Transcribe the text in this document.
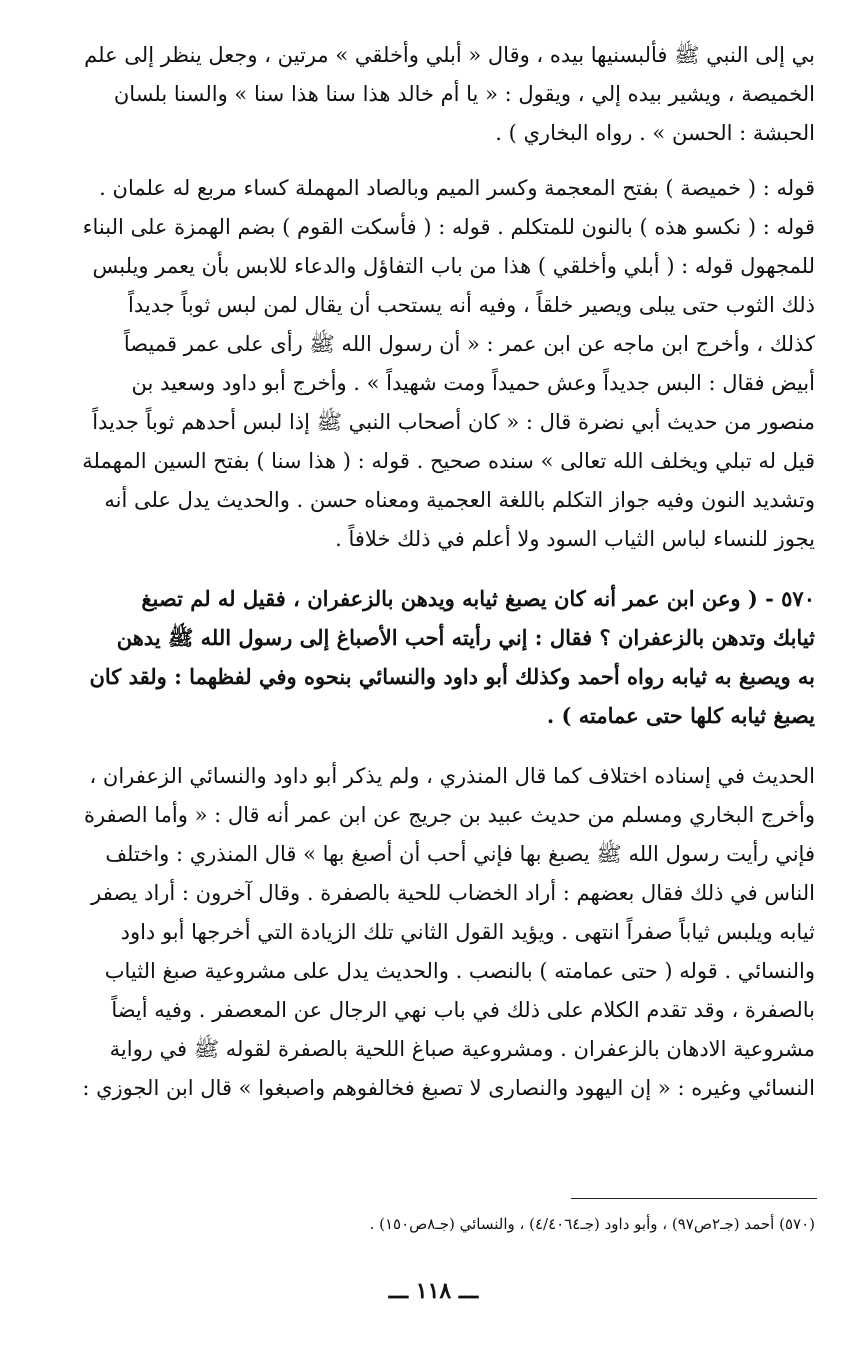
بي إلى النبي ﷺ فألبسنيها بيده ، وقال « أبلي وأخلقي » مرتين ، وجعل ينظر إلى علم
الخميصة ، ويشير بيده إلي ، ويقول : « يا أم خالد هذا سنا هذا سنا » والسنا بلسان
الحبشة : الحسن » . رواه البخاري ) .
قوله : ( خميصة ) بفتح المعجمة وكسر الميم وبالصاد المهملة كساء مربع له علمان .
قوله : ( نكسو هذه ) بالنون للمتكلم . قوله : ( فأسكت القوم ) بضم الهمزة على البناء
للمجهول قوله : ( أبلي وأخلقي ) هذا من باب التفاؤل والدعاء للابس بأن يعمر ويلبس
ذلك الثوب حتى يبلى ويصير خلقاً ، وفيه أنه يستحب أن يقال لمن لبس ثوباً جديداً
كذلك ، وأخرج ابن ماجه عن ابن عمر : « أن رسول الله ﷺ رأى على عمر قميصاً
أبيض فقال : البس جديداً وعش حميداً ومت شهيداً » . وأخرج أبو داود وسعيد بن
منصور من حديث أبي نضرة قال : « كان أصحاب النبي ﷺ إذا لبس أحدهم ثوباً جديداً
قيل له تبلي ويخلف الله تعالى » سنده صحيح . قوله : ( هذا سنا ) بفتح السين المهملة
وتشديد النون وفيه جواز التكلم باللغة العجمية ومعناه حسن . والحديث يدل على أنه
يجوز للنساء لباس الثياب السود ولا أعلم في ذلك خلافاً .
٥٧٠ - ( وعن ابن عمر أنه كان يصبغ ثيابه ويدهن بالزعفران ، فقيل له لم تصبغ
ثيابك وتدهن بالزعفران ؟ فقال : إني رأيته أحب الأصباغ إلى رسول الله ﷺ يدهن
به ويصبغ به ثيابه رواه أحمد وكذلك أبو داود والنسائي بنحوه وفي لفظهما : ولقد كان
يصبغ ثيابه كلها حتى عمامته ) .
الحديث في إسناده اختلاف كما قال المنذري ، ولم يذكر أبو داود والنسائي الزعفران ،
وأخرج البخاري ومسلم من حديث عبيد بن جريج عن ابن عمر أنه قال : « وأما الصفرة
فإني رأيت رسول الله ﷺ يصبغ بها فإني أحب أن أصبغ بها » قال المنذري : واختلف
الناس في ذلك فقال بعضهم : أراد الخضاب للحية بالصفرة . وقال آخرون : أراد يصفر
ثيابه ويلبس ثياباً صفراً انتهى . ويؤيد القول الثاني تلك الزيادة التي أخرجها أبو داود
والنسائي . قوله ( حتى عمامته ) بالنصب . والحديث يدل على مشروعية صبغ الثياب
بالصفرة ، وقد تقدم الكلام على ذلك في باب نهي الرجال عن المعصفر . وفيه أيضاً
مشروعية الادهان بالزعفران . ومشروعية صباغ اللحية بالصفرة لقوله ﷺ في رواية
النسائي وغيره : « إن اليهود والنصارى لا تصبغ فخالفوهم واصبغوا » قال ابن الجوزي :
(٥٧٠) أحمد (جـ٢ص٩٧) ، وأبو داود (جـ٤/٤٠٦٤) ، والنسائي (جـ٨ص١٥٠) .
ـــ ١١٨ ـــ
